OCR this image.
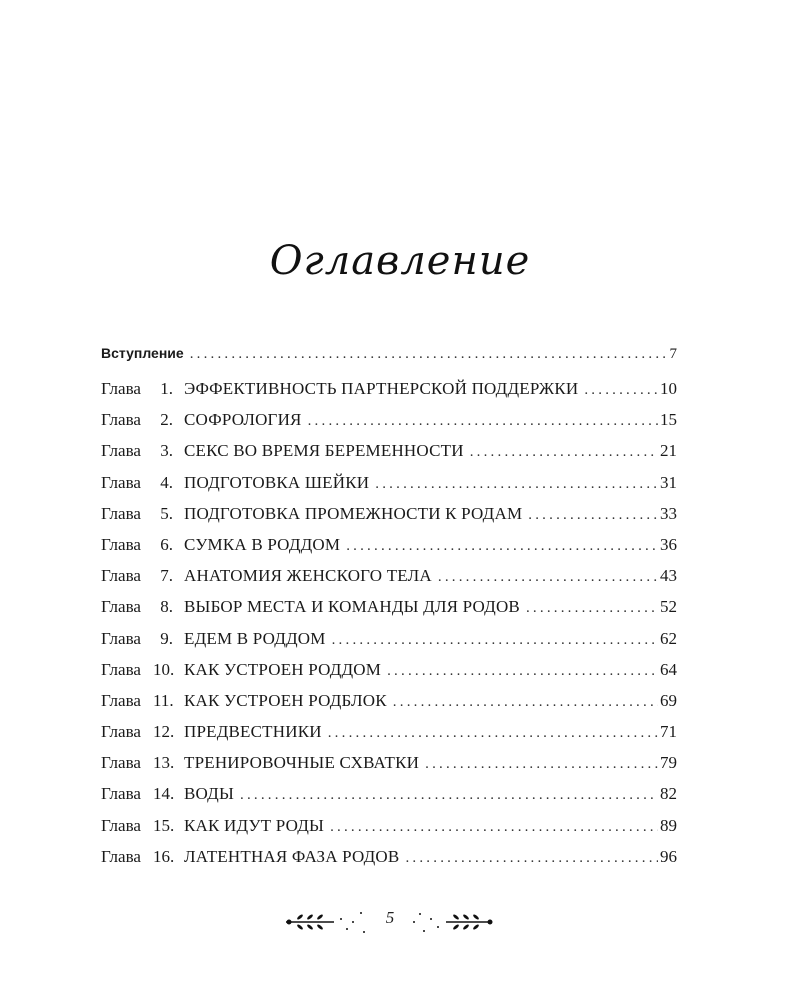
Оглавление
Вступление .....	7
Глава	1. ЭФФЕКТИВНОСТЬ ПАРТНЕРСКОЙ ПОДДЕРЖКИ .....	10
Глава	2. СОФРОЛОГИЯ .....	15
Глава	3. СЕКС ВО ВРЕМЯ БЕРЕМЕННОСТИ .....	21
Глава	4. ПОДГОТОВКА ШЕЙКИ .....	31
Глава	5. ПОДГОТОВКА ПРОМЕЖНОСТИ К РОДАМ .....	33
Глава	6. СУМКА В РОДДОМ .....	36
Глава	7. АНАТОМИЯ ЖЕНСКОГО ТЕЛА .....	43
Глава	8. ВЫБОР МЕСТА И КОМАНДЫ ДЛЯ РОДОВ .....	52
Глава	9. ЕДЕМ В РОДДОМ .....	62
Глава 10. КАК УСТРОЕН РОДДОМ .....	64
Глава 11. КАК УСТРОЕН РОДБЛОК .....	69
Глава 12. ПРЕДВЕСТНИКИ .....	71
Глава 13. ТРЕНИРОВОЧНЫЕ СХВАТКИ .....	79
Глава 14. ВОДЫ .....	82
Глава 15. КАК ИДУТ РОДЫ .....	89
Глава 16. ЛАТЕНТНАЯ ФАЗА РОДОВ .....	96
5
